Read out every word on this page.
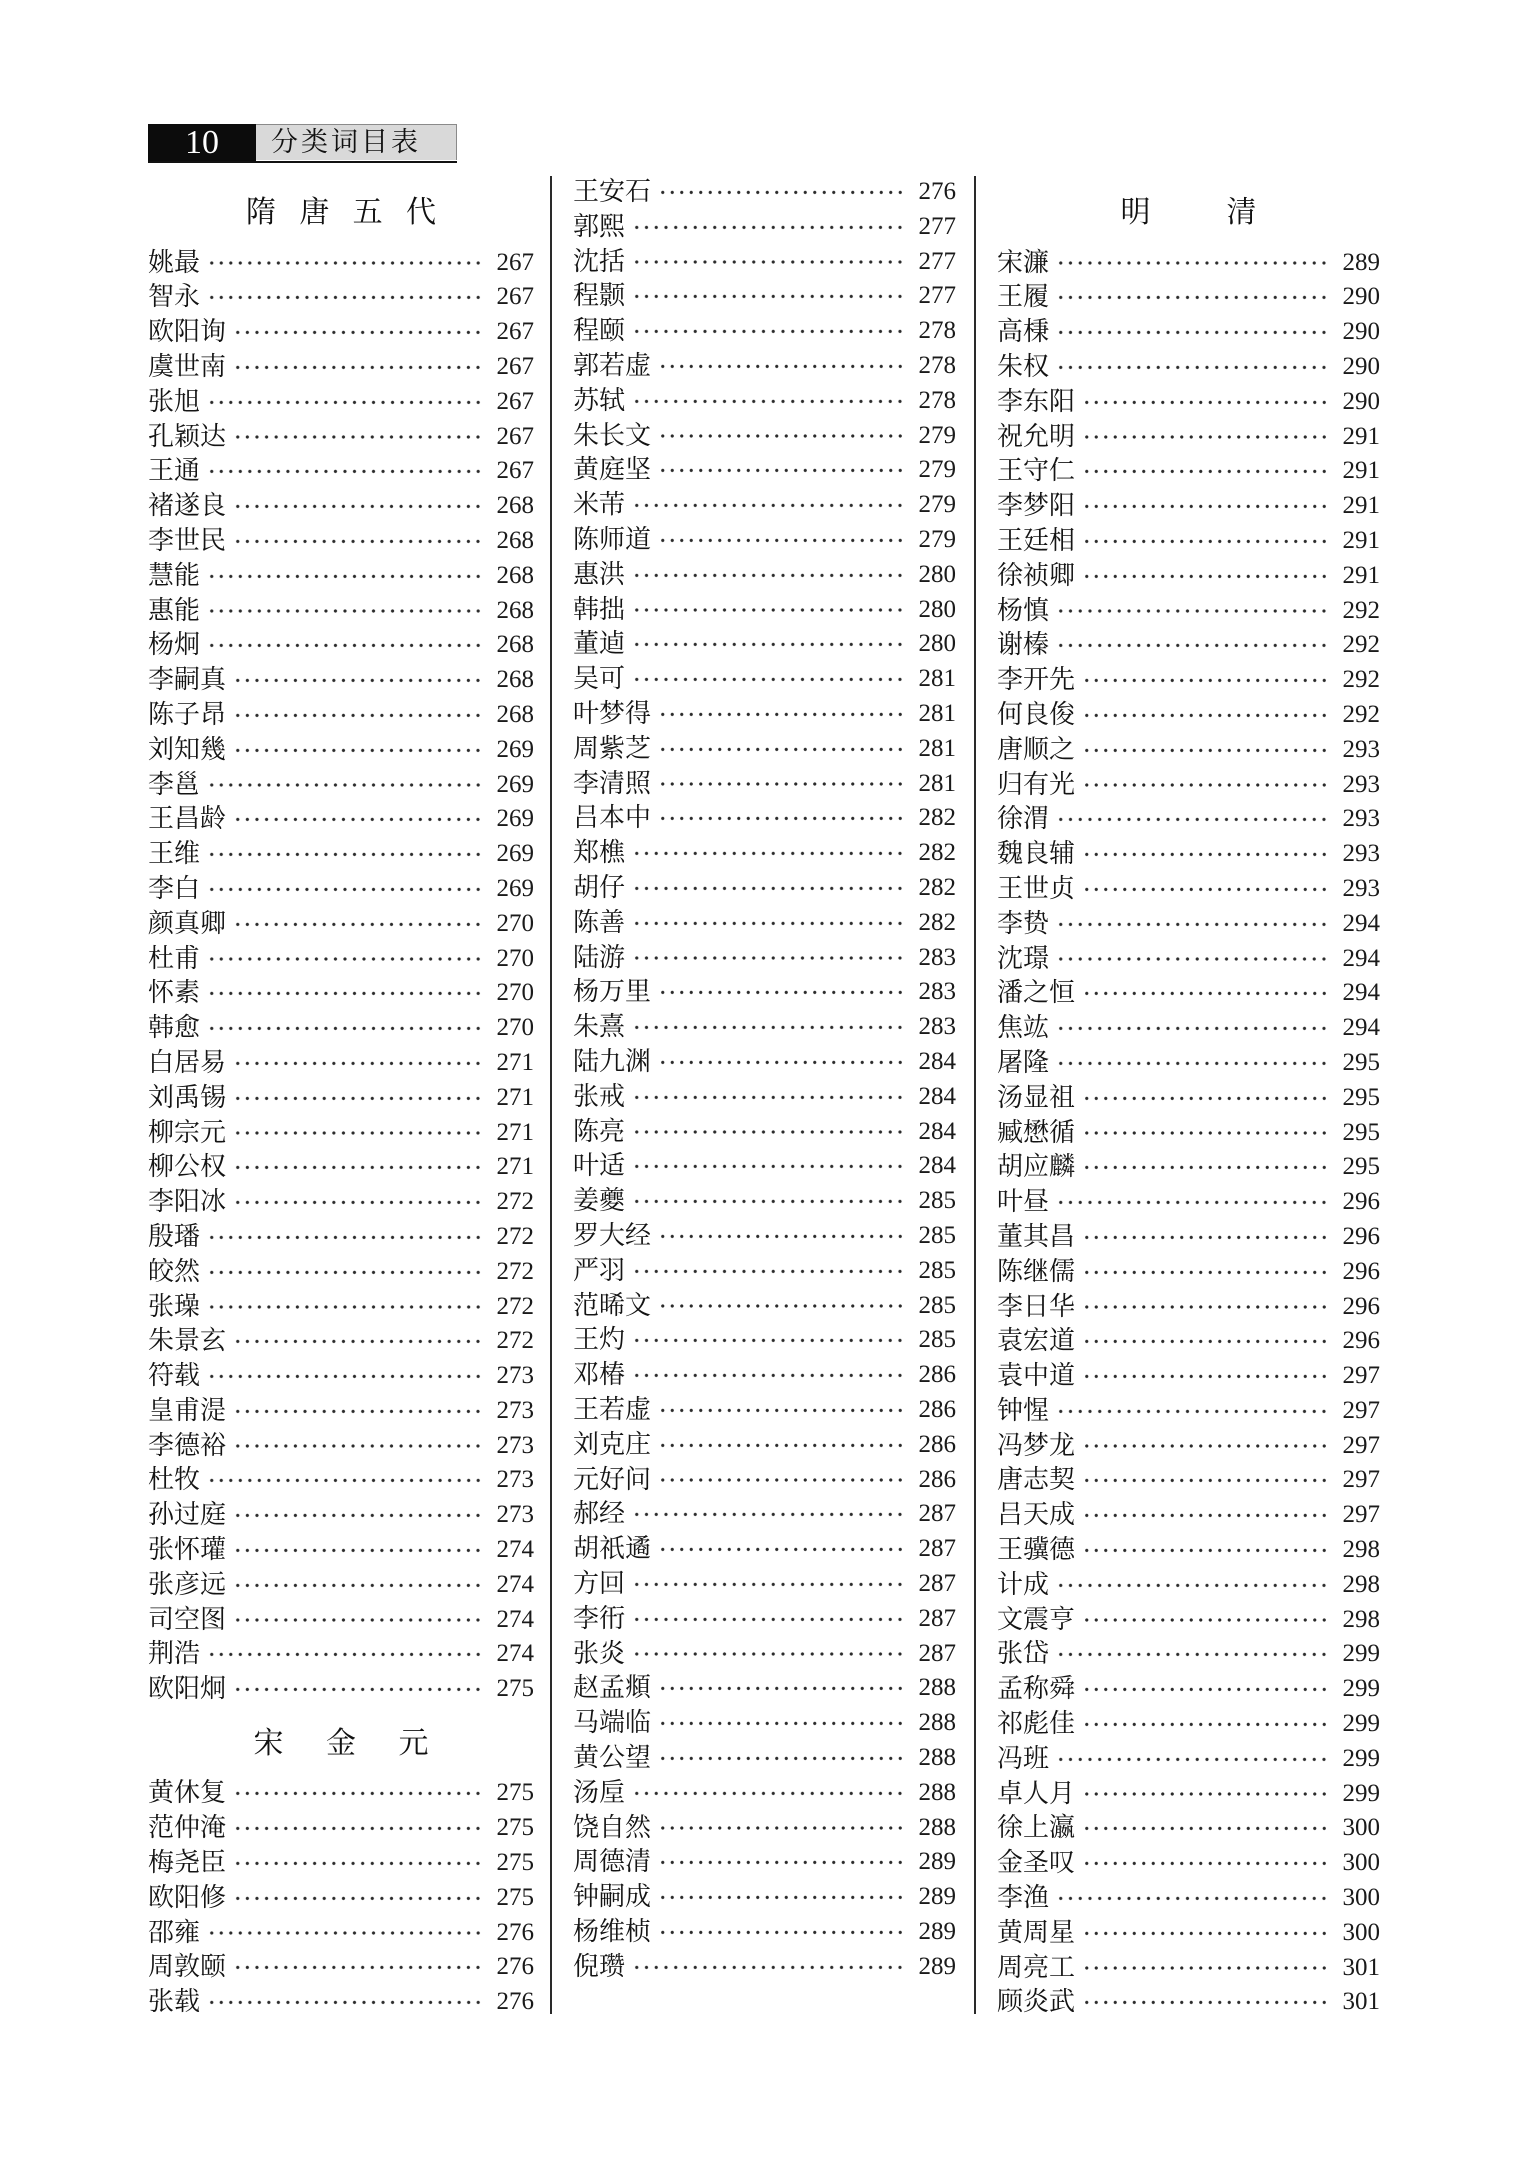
10	分类词目表
隋 唐 五 代
姚最	267
智永	267
欧阳询	267
虞世南	267
张旭	267
孔颖达	267
王通	267
褚遂良	268
李世民	268
慧能	268
惠能	268
杨炯	268
李嗣真	268
陈子昂	268
刘知幾	269
李邕	269
王昌龄	269
王维	269
李白	269
颜真卿	270
杜甫	270
怀素	270
韩愈	270
白居易	271
刘禹锡	271
柳宗元	271
柳公权	271
李阳冰	272
殷璠	272
皎然	272
张璪	272
朱景玄	272
符载	273
皇甫湜	273
李德裕	273
杜牧	273
孙过庭	273
张怀瓘	274
张彦远	274
司空图	274
荆浩	274
欧阳炯	275
宋 金 元
黄休复	275
范仲淹	275
梅尧臣	275
欧阳修	275
邵雍	276
周敦颐	276
张载	276
王安石	276
郭熙	277
沈括	277
程颢	277
程颐	278
郭若虚	278
苏轼	278
朱长文	279
黄庭坚	279
米芾	279
陈师道	279
惠洪	280
韩拙	280
董逌	280
吴可	281
叶梦得	281
周紫芝	281
李清照	281
吕本中	282
郑樵	282
胡仔	282
陈善	282
陆游	283
杨万里	283
朱熹	283
陆九渊	284
张戒	284
陈亮	284
叶适	284
姜夔	285
罗大经	285
严羽	285
范晞文	285
王灼	285
邓椿	286
王若虚	286
刘克庄	286
元好问	286
郝经	287
胡祇遹	287
方回	287
李衎	287
张炎	287
赵孟頫	288
马端临	288
黄公望	288
汤垕	288
饶自然	288
周德清	289
钟嗣成	289
杨维桢	289
倪瓒	289
明 清
宋濂	289
王履	290
高棅	290
朱权	290
李东阳	290
祝允明	291
王守仁	291
李梦阳	291
王廷相	291
徐祯卿	291
杨慎	292
谢榛	292
李开先	292
何良俊	292
唐顺之	293
归有光	293
徐渭	293
魏良辅	293
王世贞	293
李贽	294
沈璟	294
潘之恒	294
焦竑	294
屠隆	295
汤显祖	295
臧懋循	295
胡应麟	295
叶昼	296
董其昌	296
陈继儒	296
李日华	296
袁宏道	296
袁中道	297
钟惺	297
冯梦龙	297
唐志契	297
吕天成	297
王骥德	298
计成	298
文震亨	298
张岱	299
孟称舜	299
祁彪佳	299
冯班	299
卓人月	299
徐上瀛	300
金圣叹	300
李渔	300
黄周星	300
周亮工	301
顾炎武	301
